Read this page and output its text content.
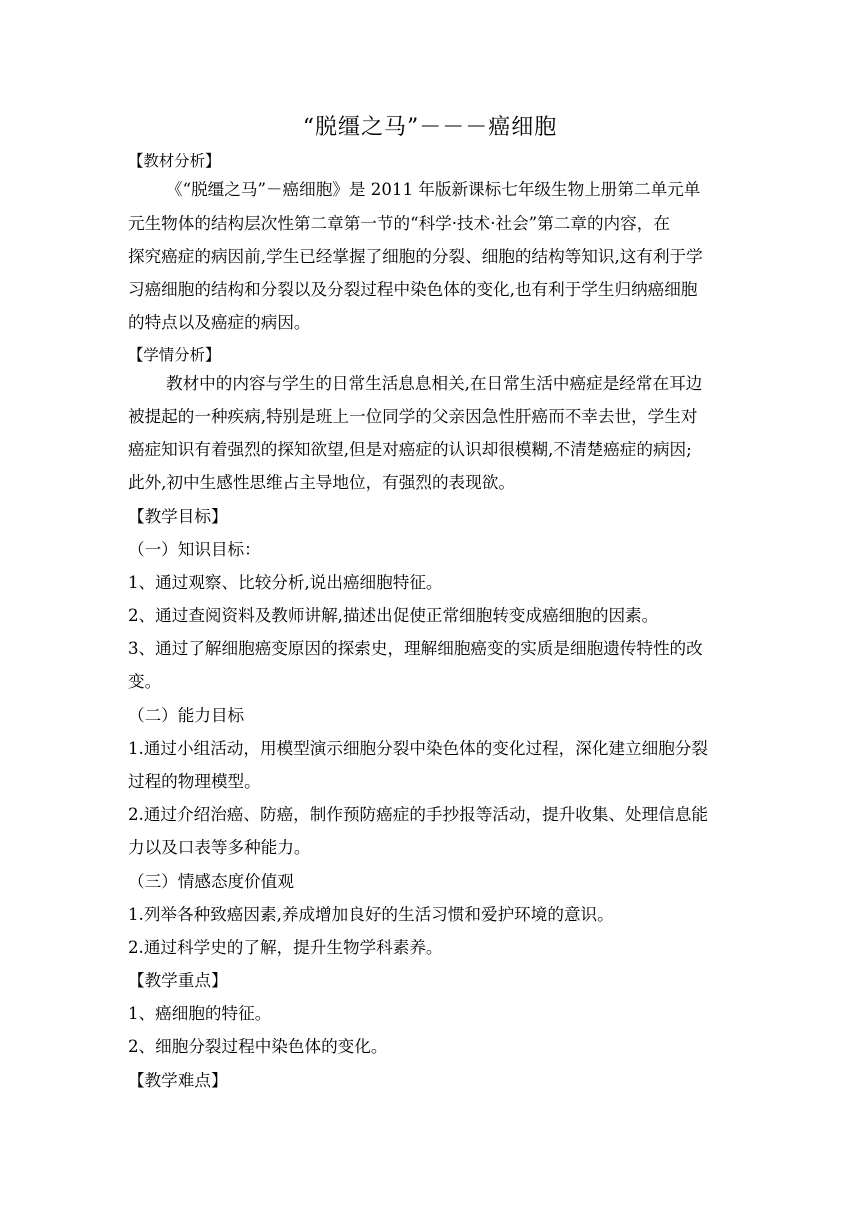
“脱缰之马”－－－癌细胞
【教材分析】
《“脱缰之马”－癌细胞》是 2011 年版新课标七年级生物上册第二单元单
元生物体的结构层次性第二章第一节的“科学·技术·社会”第二章的内容，在
探究癌症的病因前,学生已经掌握了细胞的分裂、细胞的结构等知识,这有利于学
习癌细胞的结构和分裂以及分裂过程中染色体的变化,也有利于学生归纳癌细胞
的特点以及癌症的病因。
【学情分析】
教材中的内容与学生的日常生活息息相关,在日常生活中癌症是经常在耳边
被提起的一种疾病,特别是班上一位同学的父亲因急性肝癌而不幸去世，学生对
癌症知识有着强烈的探知欲望,但是对癌症的认识却很模糊,不清楚癌症的病因;
此外,初中生感性思维占主导地位，有强烈的表现欲。
【教学目标】
（一）知识目标：
1、通过观察、比较分析,说出癌细胞特征。
2、通过查阅资料及教师讲解,描述出促使正常细胞转变成癌细胞的因素。
3、通过了解细胞癌变原因的探索史，理解细胞癌变的实质是细胞遗传特性的改
变。
（二）能力目标
1.通过小组活动，用模型演示细胞分裂中染色体的变化过程，深化建立细胞分裂
过程的物理模型。
2.通过介绍治癌、防癌，制作预防癌症的手抄报等活动，提升收集、处理信息能
力以及口表等多种能力。
（三）情感态度价值观
1.列举各种致癌因素,养成增加良好的生活习惯和爱护环境的意识。
2.通过科学史的了解，提升生物学科素养。
【教学重点】
1、癌细胞的特征。
2、细胞分裂过程中染色体的变化。
【教学难点】
